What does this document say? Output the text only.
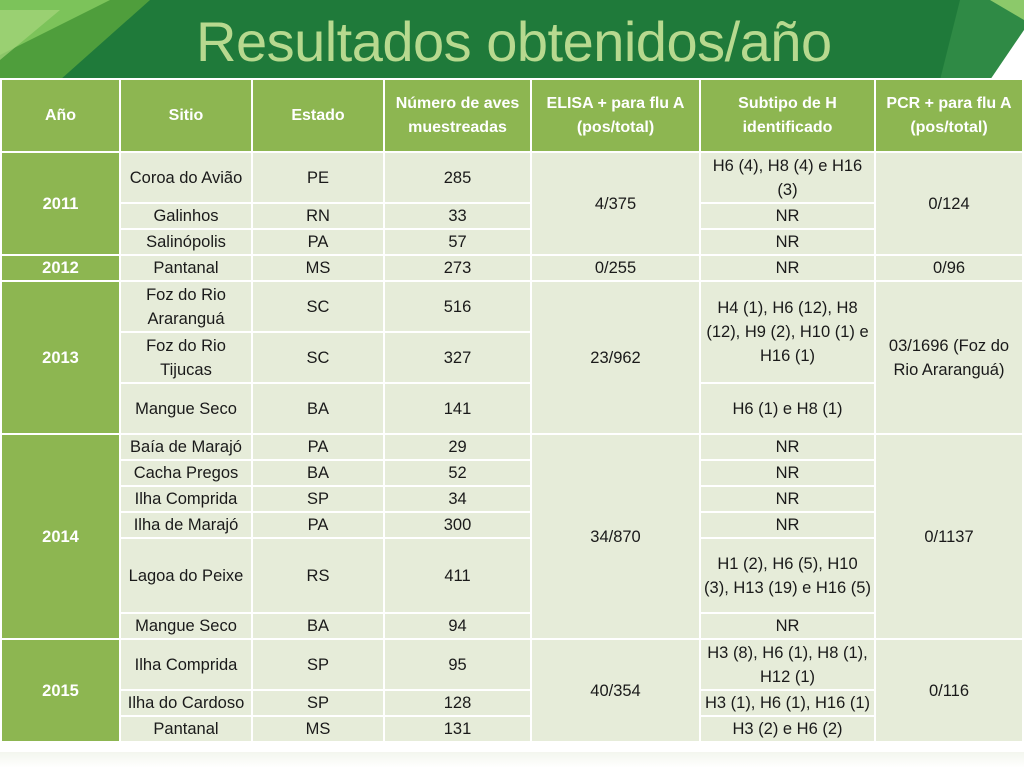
Resultados obtenidos/año
Año	Sitio	Estado	Número de aves muestreadas	ELISA + para flu A (pos/total)	Subtipo de H identificado	PCR + para flu A (pos/total)
2011	Coroa do Avião	PE	285	4/375	H6 (4), H8 (4) e H16 (3)	0/124
	Galinhos	RN	33		NR	
	Salinópolis	PA	57		NR	
2012	Pantanal	MS	273	0/255	NR	0/96
2013	Foz do Rio Araranguá	SC	516	23/962	H4 (1), H6 (12), H8 (12), H9 (2), H10 (1) e H16 (1)	03/1696 (Foz do Rio Araranguá)
	Foz do Rio Tijucas	SC	327			
	Mangue Seco	BA	141		H6 (1) e H8 (1)	
2014	Baía de Marajó	PA	29	34/870	NR	0/1137
	Cacha Pregos	BA	52		NR	
	Ilha Comprida	SP	34		NR	
	Ilha de Marajó	PA	300		NR	
	Lagoa do Peixe	RS	411		H1 (2), H6 (5), H10 (3), H13 (19) e H16 (5)	
	Mangue Seco	BA	94		NR	
2015	Ilha Comprida	SP	95	40/354	H3 (8), H6 (1), H8 (1), H12 (1)	0/116
	Ilha do Cardoso	SP	128		H3 (1), H6 (1), H16 (1)	
	Pantanal	MS	131		H3 (2) e H6 (2)	
